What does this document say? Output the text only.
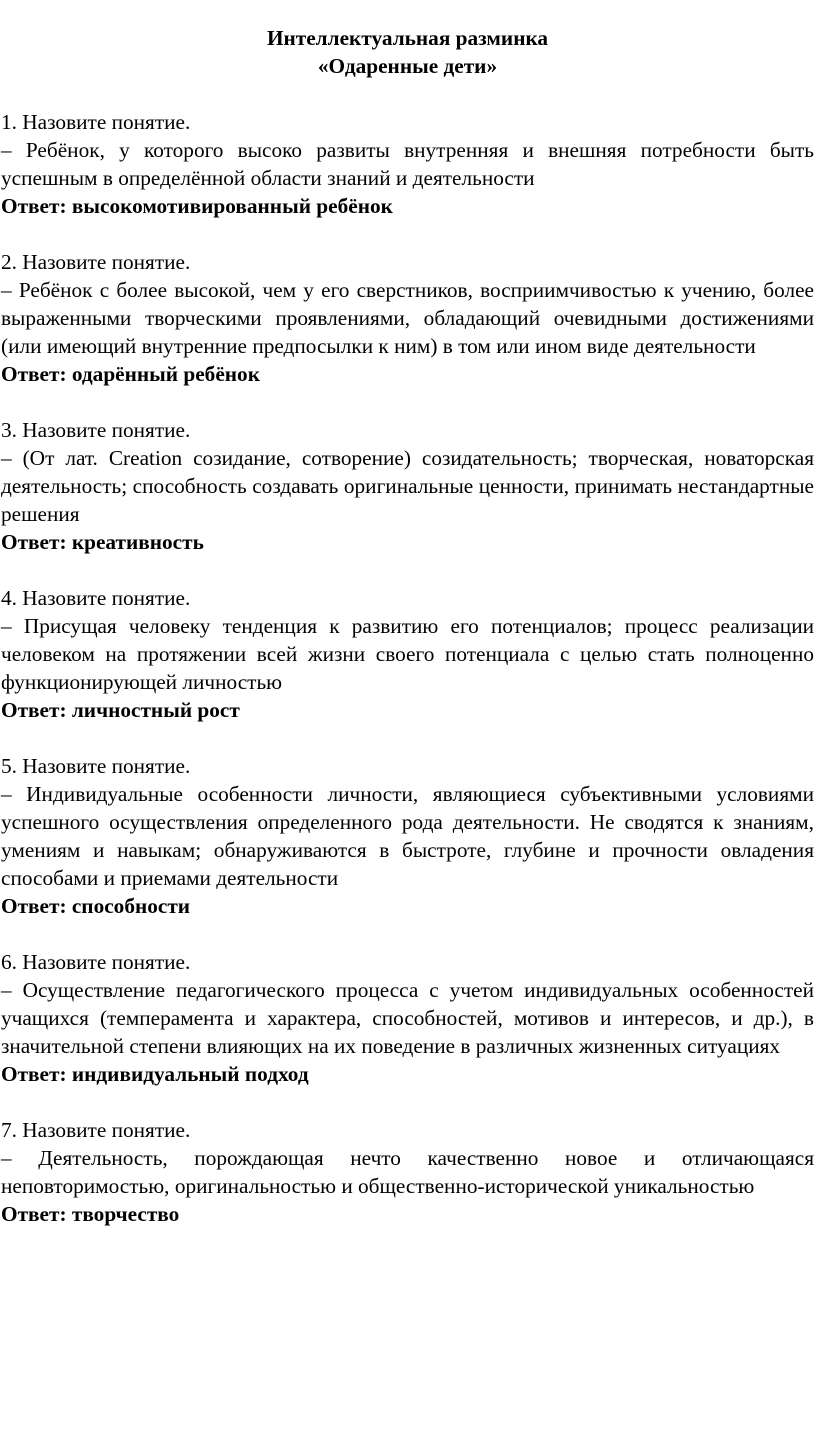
Интеллектуальная разминка
«Одаренные дети»
1. Назовите понятие.
– Ребёнок, у которого высоко развиты внутренняя и внешняя потребности быть успешным в определённой области знаний и деятельности
Ответ: высокомотивированный ребёнок
2. Назовите понятие.
– Ребёнок с более высокой, чем у его сверстников, восприимчивостью к учению, более выраженными творческими проявлениями, обладающий очевидными достижениями (или имеющий внутренние предпосылки к ним) в том или ином виде деятельности
Ответ: одарённый ребёнок
3. Назовите понятие.
– (От лат. Creation созидание, сотворение) созидательность; творческая, новаторская деятельность; способность создавать оригинальные ценности, принимать нестандартные решения
Ответ: креативность
4. Назовите понятие.
– Присущая человеку тенденция к развитию его потенциалов; процесс реализации человеком на протяжении всей жизни своего потенциала с целью стать полноценно функционирующей личностью
Ответ: личностный рост
5. Назовите понятие.
– Индивидуальные особенности личности, являющиеся субъективными условиями успешного осуществления определенного рода деятельности. Не сводятся к знаниям, умениям и навыкам; обнаруживаются в быстроте, глубине и прочности овладения способами и приемами деятельности
Ответ: способности
6. Назовите понятие.
– Осуществление педагогического процесса с учетом индивидуальных особенностей учащихся (темперамента и характера, способностей, мотивов и интересов, и др.), в значительной степени влияющих на их поведение в различных жизненных ситуациях
Ответ: индивидуальный подход
7. Назовите понятие.
– Деятельность, порождающая нечто качественно новое и отличающаяся неповторимостью, оригинальностью и общественно-исторической уникальностью
Ответ: творчество
